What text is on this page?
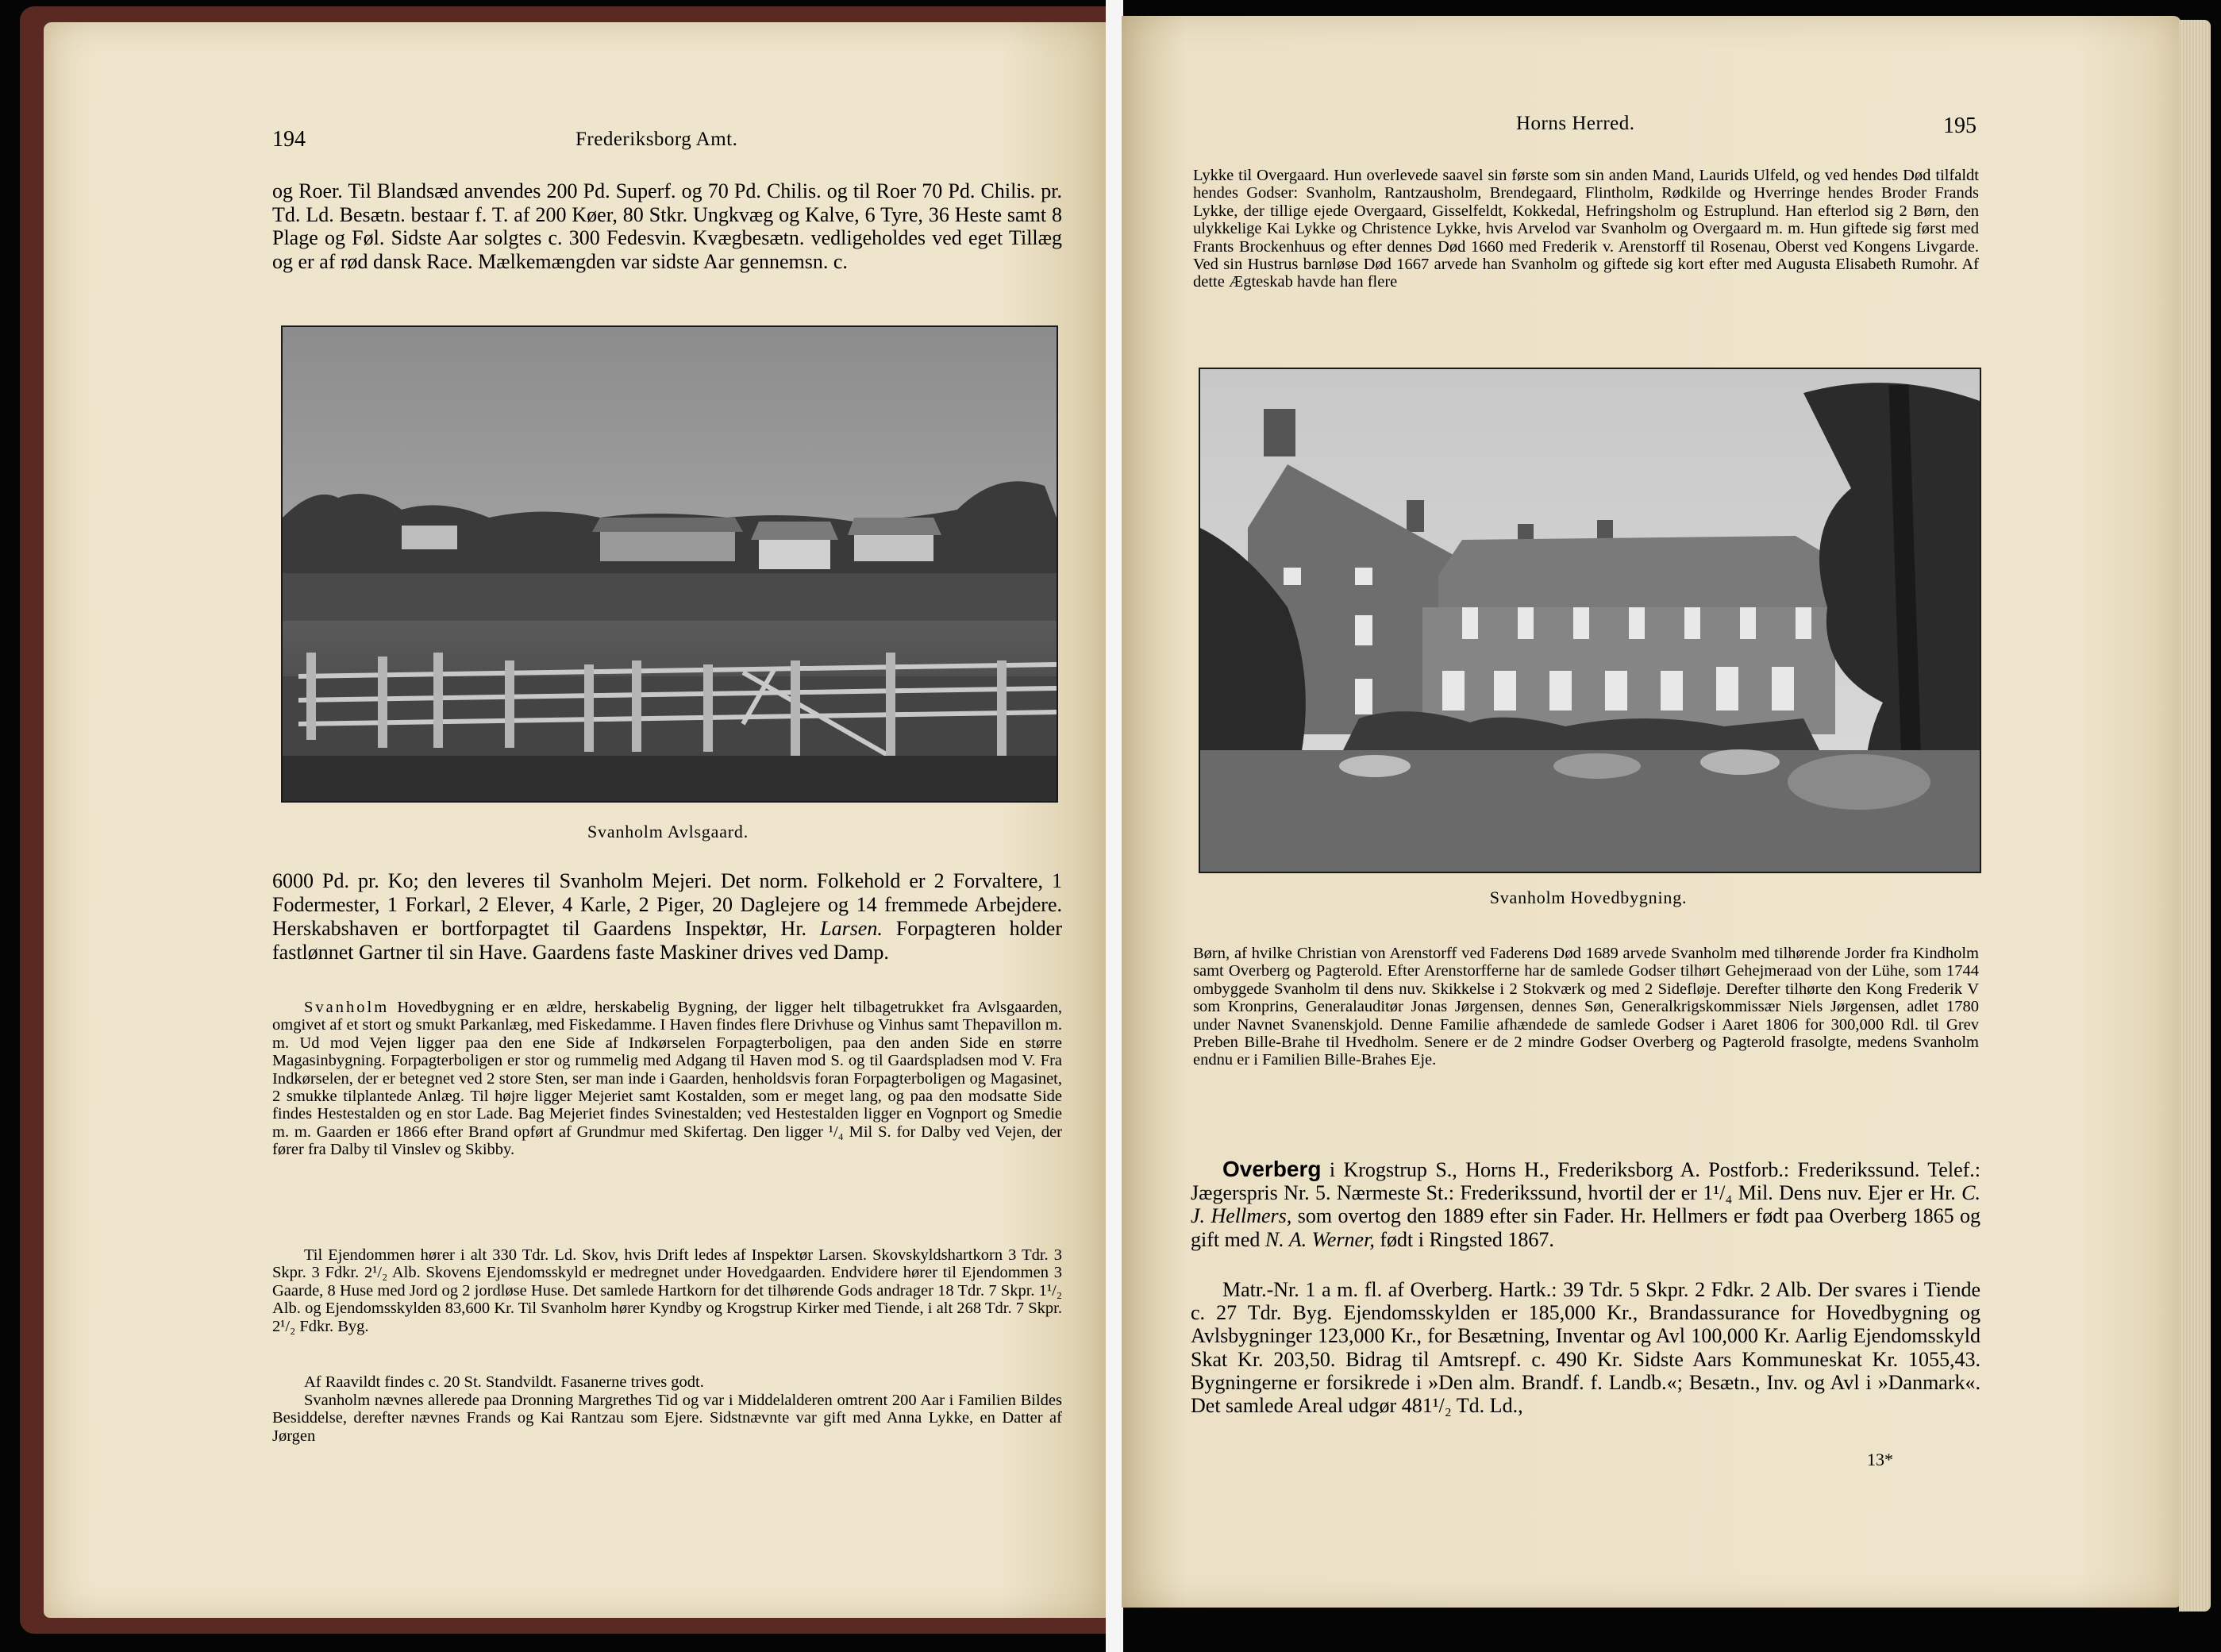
194	Frederiksborg Amt.

og Roer. Til Blandsæd anvendes 200 Pd. Superf. og 70 Pd. Chilis. og til Roer 70 Pd. Chilis. pr. Td. Ld. Besætn. bestaar f. T. af 200 Køer, 80 Stkr. Ungkvæg og Kalve, 6 Tyre, 36 Heste samt 8 Plage og Føl. Sidste Aar solgtes c. 300 Fedesvin. Kvægbesætn. vedligeholdes ved eget Tillæg og er af rød dansk Race. Mælkemængden var sidste Aar gennemsn. c.

Svanholm Avlsgaard.

6000 Pd. pr. Ko; den leveres til Svanholm Mejeri. Det norm. Folkehold er 2 Forvaltere, 1 Fodermester, 1 Forkarl, 2 Elever, 4 Karle, 2 Piger, 20 Daglejere og 14 fremmede Arbejdere. Herskabshaven er bortforpagtet til Gaardens Inspektør, Hr. Larsen. Forpagteren holder fastlønnet Gartner til sin Have. Gaardens faste Maskiner drives ved Damp.

Svanholm Hovedbygning er en ældre, herskabelig Bygning, der ligger helt tilbagetrukket fra Avlsgaarden, omgivet af et stort og smukt Parkanlæg, med Fiskedamme. I Haven findes flere Drivhuse og Vinhus samt Thepavillon m. m. Ud mod Vejen ligger paa den ene Side af Indkørselen Forpagterboligen, paa den anden Side en større Magasinbygning. Forpagterboligen er stor og rummelig med Adgang til Haven mod S. og til Gaardspladsen mod V. Fra Indkørselen, der er betegnet ved 2 store Sten, ser man inde i Gaarden, henholdsvis foran Forpagterboligen og Magasinet, 2 smukke tilplantede Anlæg. Til højre ligger Mejeriet samt Kostalden, som er meget lang, og paa den modsatte Side findes Hestestalden og en stor Lade. Bag Mejeriet findes Svinestalden; ved Hestestalden ligger en Vognport og Smedie m. m. Gaarden er 1866 efter Brand opført af Grundmur med Skifertag. Den ligger ¹/₄ Mil S. for Dalby ved Vejen, der fører fra Dalby til Vinslev og Skibby.

Til Ejendommen hører i alt 330 Tdr. Ld. Skov, hvis Drift ledes af Inspektør Larsen. Skovskyldshartkorn 3 Tdr. 3 Skpr. 3 Fdkr. 2¹/₂ Alb. Skovens Ejendomsskyld er medregnet under Hovedgaarden. Endvidere hører til Ejendommen 3 Gaarde, 8 Huse med Jord og 2 jordløse Huse. Det samlede Hartkorn for det tilhørende Gods andrager 18 Tdr. 7 Skpr. 1¹/₂ Alb. og Ejendomsskylden 83,600 Kr. Til Svanholm hører Kyndby og Krogstrup Kirker med Tiende, i alt 268 Tdr. 7 Skpr. 2¹/₂ Fdkr. Byg.

Af Raavildt findes c. 20 St. Standvildt. Fasanerne trives godt.

Svanholm nævnes allerede paa Dronning Margrethes Tid og var i Middelalderen omtrent 200 Aar i Familien Bildes Besiddelse, derefter nævnes Frands og Kai Rantzau som Ejere. Sidstnævnte var gift med Anna Lykke, en Datter af Jørgen

Horns Herred.	195

Lykke til Overgaard. Hun overlevede saavel sin første som sin anden Mand, Laurids Ulfeld, og ved hendes Død tilfaldt hendes Godser: Svanholm, Rantzausholm, Brendegaard, Flintholm, Rødkilde og Hverringe hendes Broder Frands Lykke, der tillige ejede Overgaard, Gisselfeldt, Kokkedal, Hefringsholm og Estruplund. Han efterlod sig 2 Børn, den ulykkelige Kai Lykke og Christence Lykke, hvis Arvelod var Svanholm og Overgaard m. m. Hun giftede sig først med Frants Brockenhuus og efter dennes Død 1660 med Frederik v. Arenstorff til Rosenau, Oberst ved Kongens Livgarde. Ved sin Hustrus barnløse Død 1667 arvede han Svanholm og giftede sig kort efter med Augusta Elisabeth Rumohr. Af dette Ægteskab havde han flere

Svanholm Hovedbygning.

Børn, af hvilke Christian von Arenstorff ved Faderens Død 1689 arvede Svanholm med tilhørende Jorder fra Kindholm samt Overberg og Pagterold. Efter Arenstorfferne har de samlede Godser tilhørt Gehejmeraad von der Lühe, som 1744 ombyggede Svanholm til dens nuv. Skikkelse i 2 Stokværk og med 2 Sidefløje. Derefter tilhørte den Kong Frederik V som Kronprins, Generalauditør Jonas Jørgensen, dennes Søn, Generalkrigskommissær Niels Jørgensen, adlet 1780 under Navnet Svanenskjold. Denne Familie afhændede de samlede Godser i Aaret 1806 for 300,000 Rdl. til Grev Preben Bille-Brahe til Hvedholm. Senere er de 2 mindre Godser Overberg og Pagterold frasolgte, medens Svanholm endnu er i Familien Bille-Brahes Eje.

Overberg i Krogstrup S., Horns H., Frederiksborg A. Postforb.: Frederikssund. Telef.: Jægerspris Nr. 5. Nærmeste St.: Frederikssund, hvortil der er 1¹/₄ Mil. Dens nuv. Ejer er Hr. C. J. Hellmers, som overtog den 1889 efter sin Fader. Hr. Hellmers er født paa Overberg 1865 og gift med N. A. Werner, født i Ringsted 1867.

Matr.-Nr. 1 a m. fl. af Overberg. Hartk.: 39 Tdr. 5 Skpr. 2 Fdkr. 2 Alb. Der svares i Tiende c. 27 Tdr. Byg. Ejendomsskylden er 185,000 Kr., Brandassurance for Hovedbygning og Avlsbygninger 123,000 Kr., for Besætning, Inventar og Avl 100,000 Kr. Aarlig Ejendomsskyld Skat Kr. 203,50. Bidrag til Amtsrepf. c. 490 Kr. Sidste Aars Kommuneskat Kr. 1055,43. Bygningerne er forsikrede i »Den alm. Brandf. f. Landb.«; Besætn., Inv. og Avl i »Danmark«. Det samlede Areal udgør 481¹/₂ Td. Ld.,

13*
